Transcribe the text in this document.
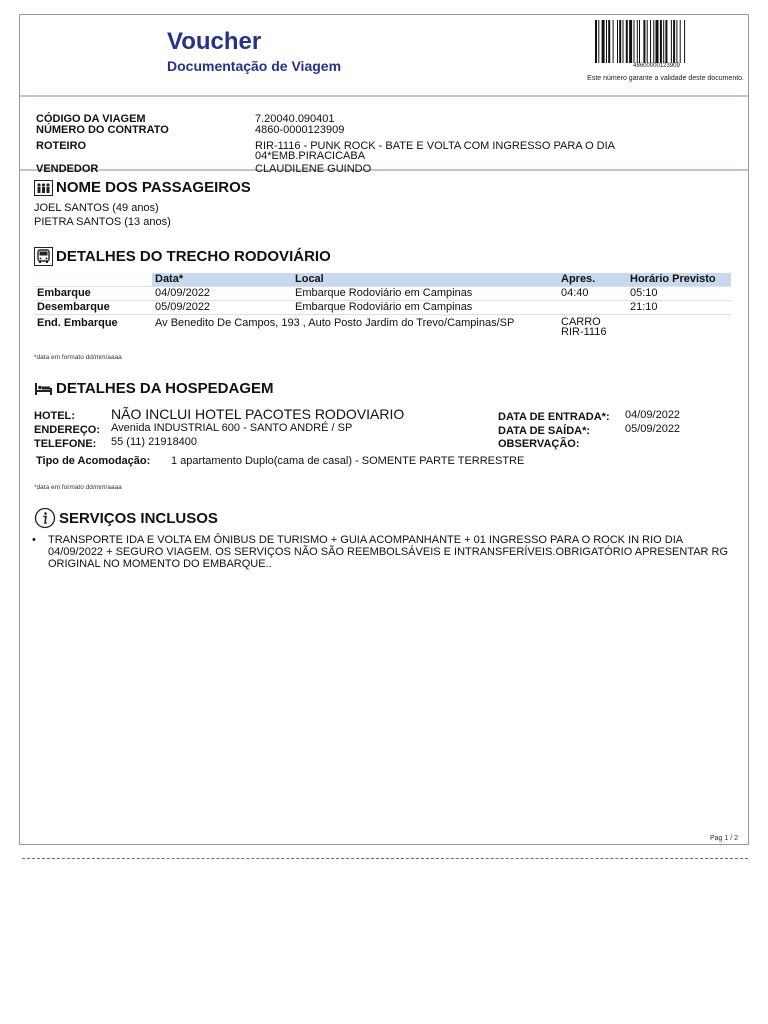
Voucher
Documentação de Viagem	48600000123909
Este número garante a validade deste documento.
CÓDIGO DA VIAGEM	7.20040.090401
NÚMERO DO CONTRATO	4860-0000123909
ROTEIRO	RIR-1116 - PUNK ROCK - BATE E VOLTA COM INGRESSO PARA O DIA 04*EMB.PIRACICABA
VENDEDOR	CLAUDILENE GUINDO
NOME DOS PASSAGEIROS
JOEL SANTOS (49 anos)
PIETRA SANTOS (13 anos)
DETALHES DO TRECHO RODOVIÁRIO
	Data*	Local	Apres.	Horário Previsto
Embarque	04/09/2022	Embarque Rodoviário em Campinas	04:40	05:10
Desembarque	05/09/2022	Embarque Rodoviário em Campinas		21:10
End. Embarque	Av Benedito De Campos, 193 , Auto Posto Jardim do Trevo/Campinas/SP		CARRO RIR-1116	
*data em formato dd/mm/aaaa
DETALHES DA HOSPEDAGEM
HOTEL:	NÃO INCLUI HOTEL PACOTES RODOVIARIO
ENDEREÇO: Avenida INDUSTRIAL 600 - SANTO ANDRÉ / SP
TELEFONE: 55 (11) 21918400
DATA DE ENTRADA*: 04/09/2022
DATA DE SAÍDA*:	05/09/2022
OBSERVAÇÃO:
Tipo de Acomodação: 1 apartamento Duplo(cama de casal) - SOMENTE PARTE TERRESTRE
*data em formato dd/mm/aaaa
SERVIÇOS INCLUSOS
• TRANSPORTE IDA E VOLTA EM ÔNIBUS DE TURISMO + GUIA ACOMPANHANTE + 01 INGRESSO PARA O ROCK IN RIO DIA 04/09/2022 + SEGURO VIAGEM. OS SERVIÇOS NÃO SÃO REEMBOLSÁVEIS E INTRANSFERÍVEIS.OBRIGATÓRIO APRESENTAR RG ORIGINAL NO MOMENTO DO EMBARQUE..
Pag 1 / 2
